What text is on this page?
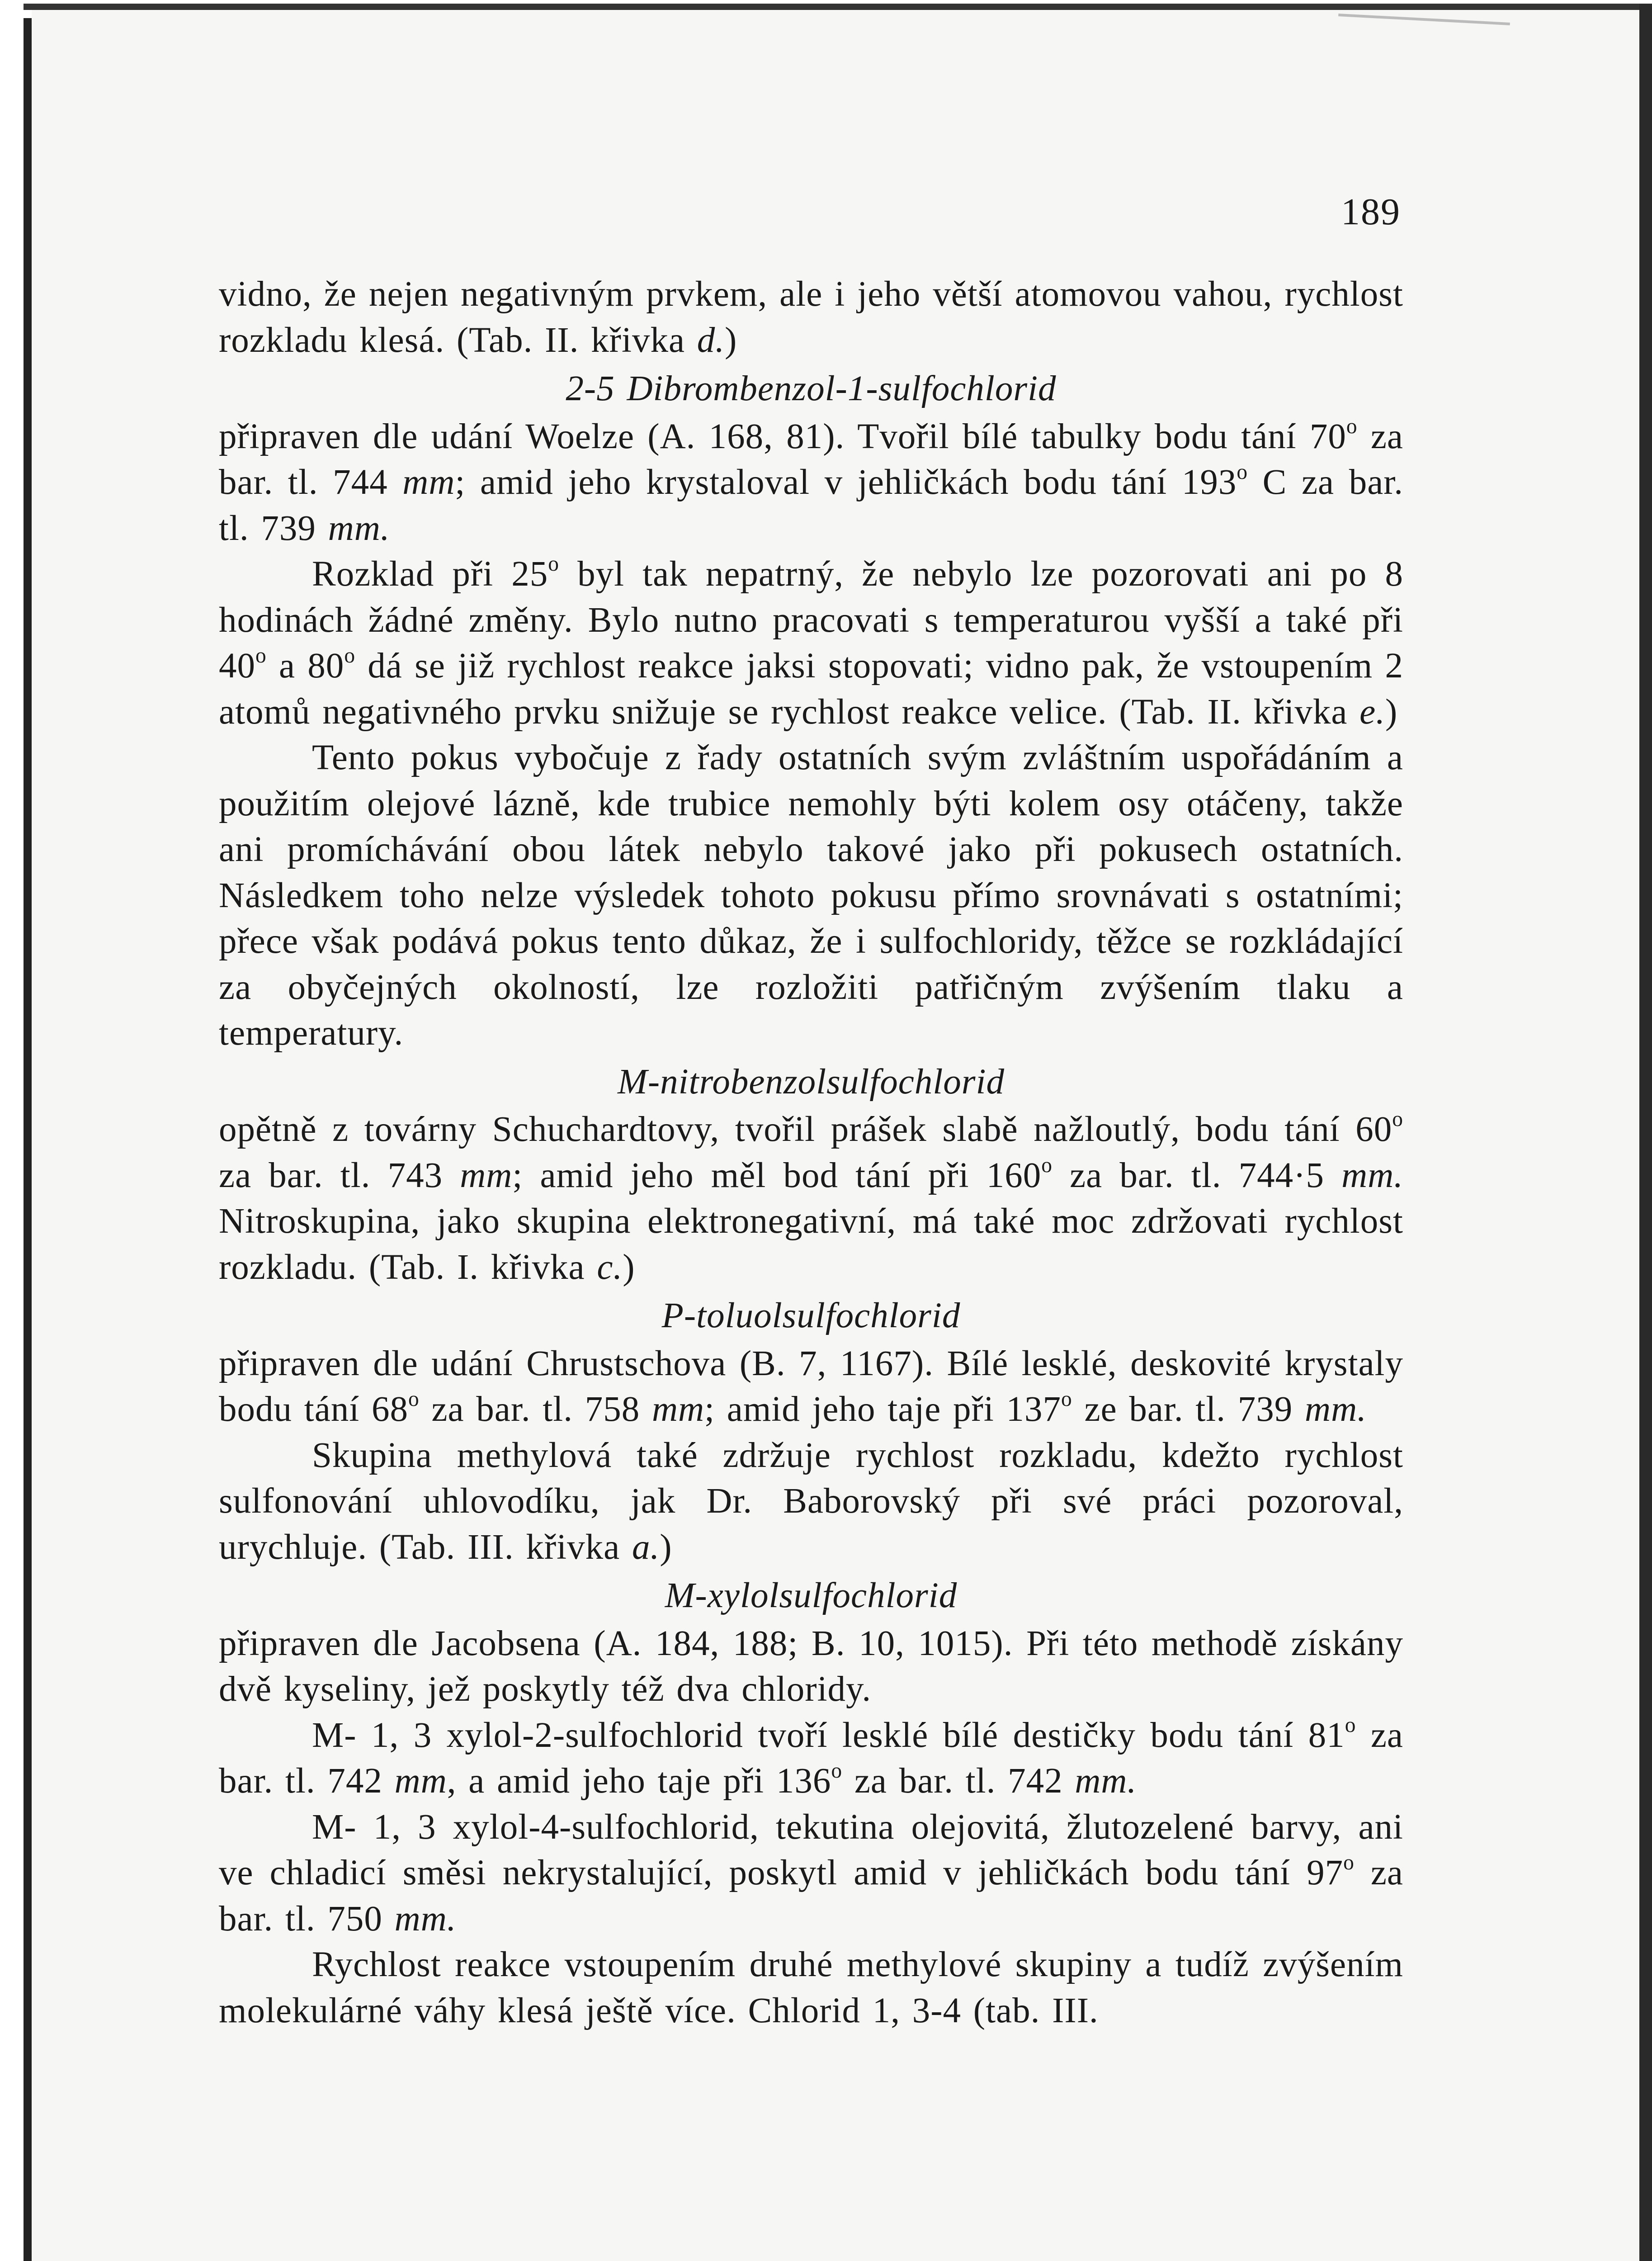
189

vidno, že nejen negativným prvkem, ale i jeho větší atomovou vahou, rychlost rozkladu klesá. (Tab. II. křivka d.)

2-5 Dibrombenzol-1-sulfochlorid

připraven dle udání Woelze (A. 168, 81). Tvořil bílé tabulky bodu tání 70$^o$ za bar. tl. 744 mm; amid jeho krystaloval v jehličkách bodu tání 193$^o$ C za bar. tl. 739 mm.

Rozklad při 25$^o$ byl tak nepatrný, že nebylo lze pozorovati ani po 8 hodinách žádné změny. Bylo nutno pracovati s temperaturou vyšší a také při 40$^o$ a 80$^o$ dá se již rychlost reakce jaksi stopovati; vidno pak, že vstoupením 2 atomů negativného prvku snižuje se rychlost reakce velice. (Tab. II. křivka e.)

Tento pokus vybočuje z řady ostatních svým zvláštním uspořádáním a použitím olejové lázně, kde trubice nemohly býti kolem osy otáčeny, takže ani promíchávání obou látek nebylo takové jako při pokusech ostatních. Následkem toho nelze výsledek tohoto pokusu přímo srovnávati s ostatními; přece však podává pokus tento důkaz, že i sulfochloridy, těžce se rozkládající za obyčejných okolností, lze rozložiti patřičným zvýšením tlaku a temperatury.

M-nitrobenzolsulfochlorid

opětně z továrny Schuchardtovy, tvořil prášek slabě nažloutlý, bodu tání 60$^o$ za bar. tl. 743 mm; amid jeho měl bod tání při 160$^o$ za bar. tl. 744·5 mm. Nitroskupina, jako skupina elektronegativní, má také moc zdržovati rychlost rozkladu. (Tab. I. křivka c.)

P-toluolsulfochlorid

připraven dle udání Chrustschova (B. 7, 1167). Bílé lesklé, deskovité krystaly bodu tání 68$^o$ za bar. tl. 758 mm; amid jeho taje při 137$^o$ ze bar. tl. 739 mm.

Skupina methylová také zdržuje rychlost rozkladu, kdežto rychlost sulfonování uhlovodíku, jak Dr. Baborovský při své práci pozoroval, urychluje. (Tab. III. křivka a.)

M-xylolsulfochlorid

připraven dle Jacobsena (A. 184, 188; B. 10, 1015). Při této methodě získány dvě kyseliny, jež poskytly též dva chloridy.

M- 1, 3 xylol-2-sulfochlorid tvoří lesklé bílé destičky bodu tání 81$^o$ za bar. tl. 742 mm, a amid jeho taje při 136$^o$ za bar. tl. 742 mm.

M- 1, 3 xylol-4-sulfochlorid, tekutina olejovitá, žlutozelené barvy, ani ve chladicí směsi nekrystalující, poskytl amid v jehličkách bodu tání 97$^o$ za bar. tl. 750 mm.

Rychlost reakce vstoupením druhé methylové skupiny a tudíž zvýšením molekulárné váhy klesá ještě více. Chlorid 1, 3-4 (tab. III.
